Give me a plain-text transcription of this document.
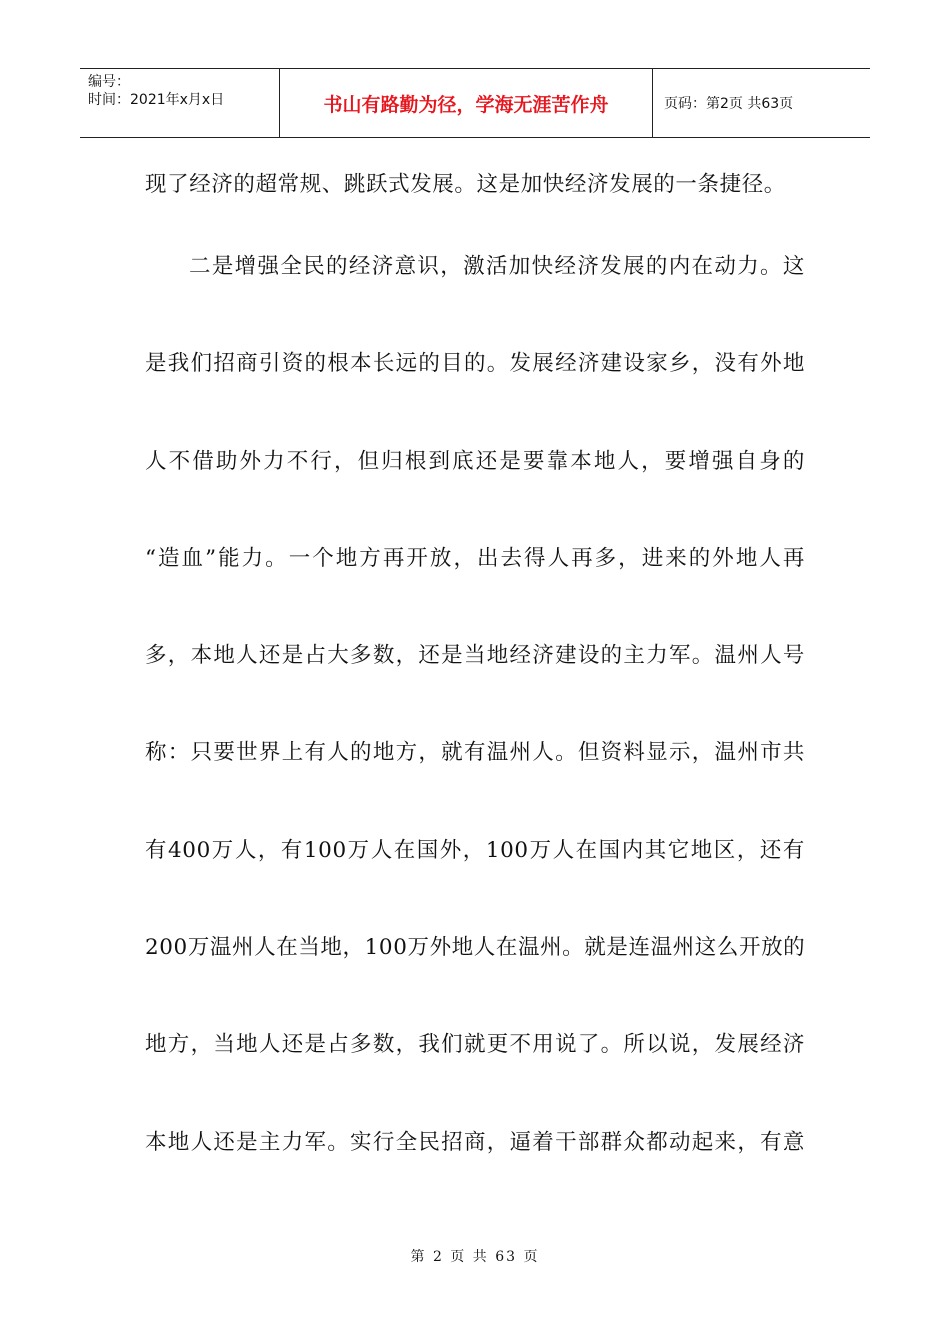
编号：
时间：2021年x月x日	书山有路勤为径，学海无涯苦作舟	页码：第2页 共63页
现了经济的超常规、跳跃式发展。这是加快经济发展的一条捷径。
二是增强全民的经济意识，激活加快经济发展的内在动力。这
是我们招商引资的根本长远的目的。发展经济建设家乡，没有外地
人不借助外力不行，但归根到底还是要靠本地人，要增强自身的
“造血”能力。一个地方再开放，出去得人再多，进来的外地人再
多，本地人还是占大多数，还是当地经济建设的主力军。温州人号
称：只要世界上有人的地方，就有温州人。但资料显示，温州市共
有400万人，有100万人在国外，100万人在国内其它地区，还有
200万温州人在当地，100万外地人在温州。就是连温州这么开放的
地方，当地人还是占多数，我们就更不用说了。所以说，发展经济
本地人还是主力军。实行全民招商，逼着干部群众都动起来，有意
第 2 页 共 63 页
